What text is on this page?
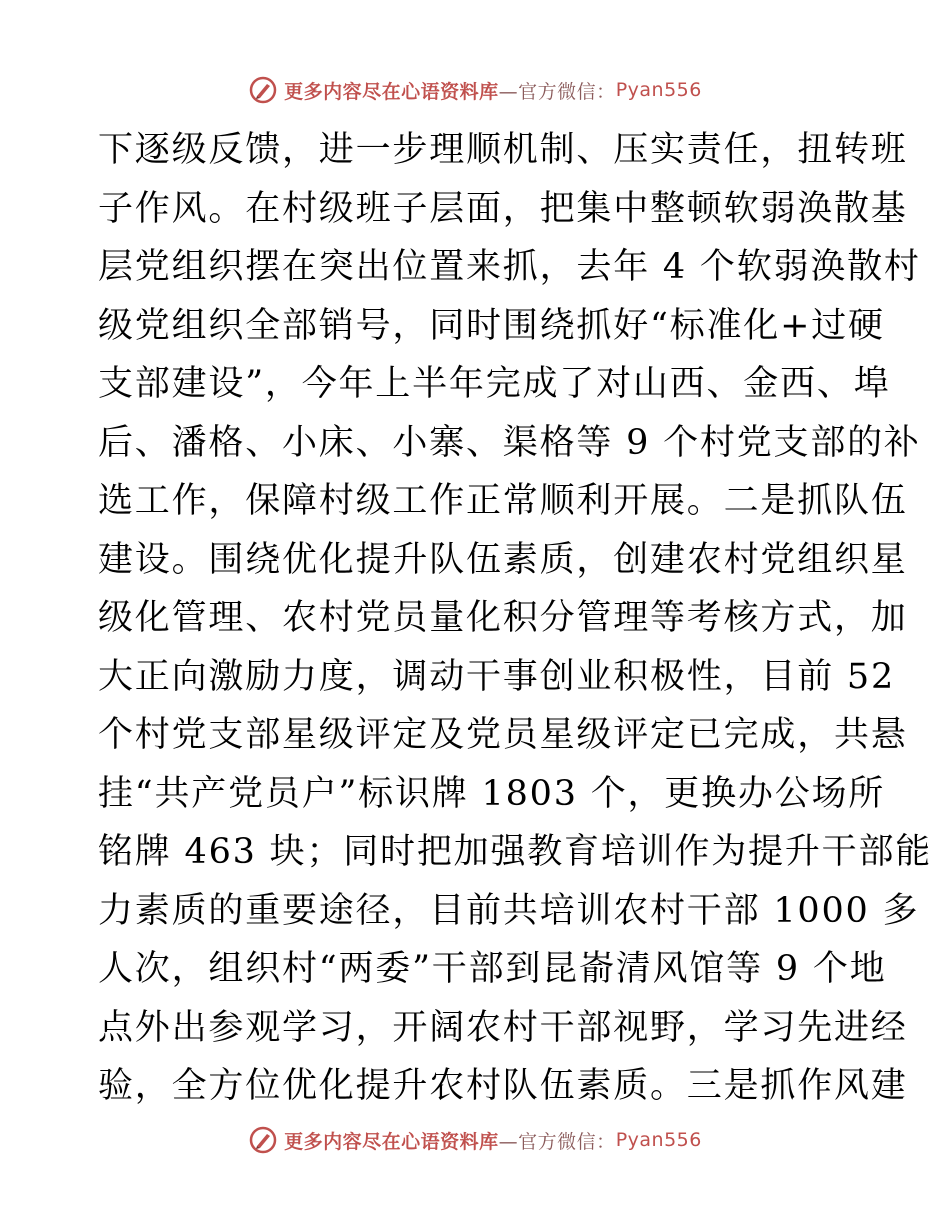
更多内容尽在心语资料库 —官方微信： Pyan556
下逐级反馈，进一步理顺机制、压实责任，扭转班
子作风。在村级班子层面，把集中整顿软弱涣散基
层党组织摆在突出位置来抓，去年 4 个软弱涣散村
级党组织全部销号，同时围绕抓好“标准化+过硬
支部建设”，今年上半年完成了对山西、金西、埠
后、潘格、小床、小寨、渠格等 9 个村党支部的补
选工作，保障村级工作正常顺利开展。二是抓队伍
建设。围绕优化提升队伍素质，创建农村党组织星
级化管理、农村党员量化积分管理等考核方式，加
大正向激励力度，调动干事创业积极性，目前 52
个村党支部星级评定及党员星级评定已完成，共悬
挂“共产党员户”标识牌 1803 个，更换办公场所
铭牌 463 块；同时把加强教育培训作为提升干部能
力素质的重要途径，目前共培训农村干部 1000 多
人次，组织村“两委”干部到昆嵛清风馆等 9 个地
点外出参观学习，开阔农村干部视野，学习先进经
验，全方位优化提升农村队伍素质。三是抓作风建
更多内容尽在心语资料库 —官方微信： Pyan556
